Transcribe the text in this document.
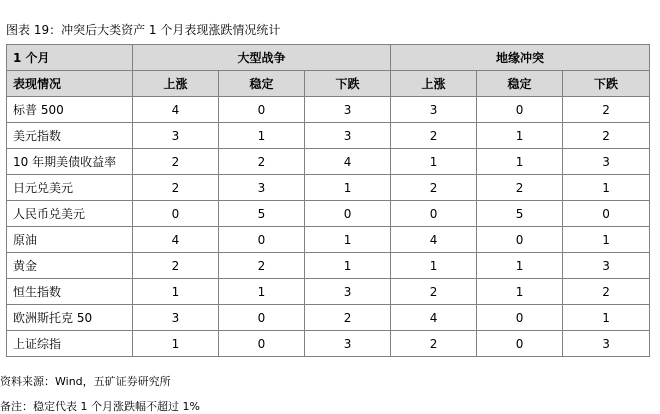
图表 19：冲突后大类资产 1 个月表现涨跌情况统计
1 个月	大型战争			地缘冲突		
表现情况	上涨	稳定	下跌	上涨	稳定	下跌
标普 500	4	0	3	3	0	2
美元指数	3	1	3	2	1	2
10 年期美债收益率	2	2	4	1	1	3
日元兑美元	2	3	1	2	2	1
人民币兑美元	0	5	0	0	5	0
原油	4	0	1	4	0	1
黄金	2	2	1	1	1	3
恒生指数	1	1	3	2	1	2
欧洲斯托克 50	3	0	2	4	0	1
上证综指	1	0	3	2	0	3
资料来源：Wind，五矿证券研究所
备注：稳定代表 1 个月涨跌幅不超过 1%
